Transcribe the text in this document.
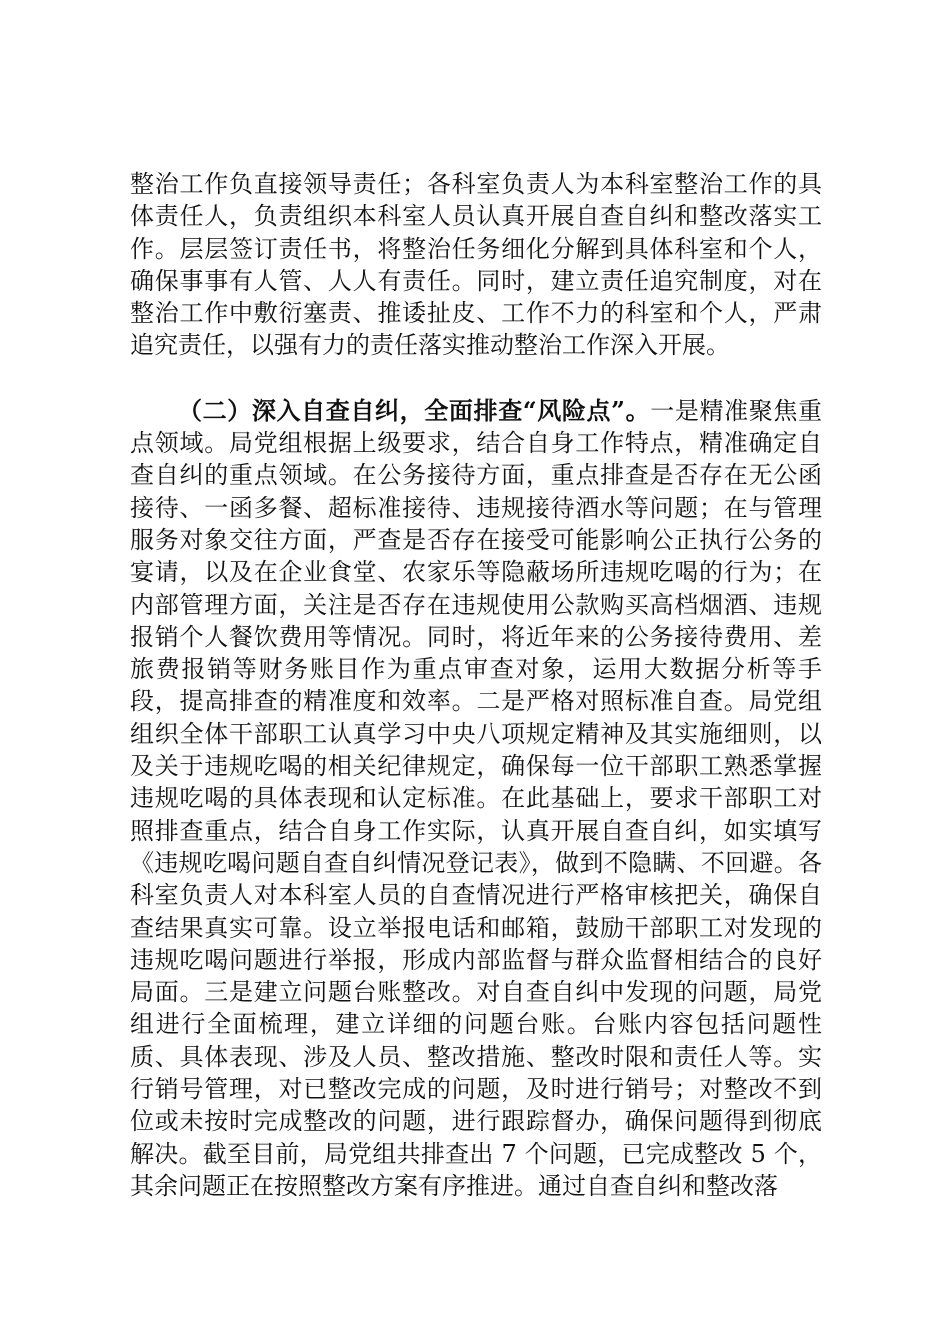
整治工作负直接领导责任；各科室负责人为本科室整治工作的具体责任人，负责组织本科室人员认真开展自查自纠和整改落实工作。层层签订责任书，将整治任务细化分解到具体科室和个人，确保事事有人管、人人有责任。同时，建立责任追究制度，对在整治工作中敷衍塞责、推诿扯皮、工作不力的科室和个人，严肃追究责任，以强有力的责任落实推动整治工作深入开展。

（二）深入自查自纠，全面排查“风险点”。一是精准聚焦重点领域。局党组根据上级要求，结合自身工作特点，精准确定自查自纠的重点领域。在公务接待方面，重点排查是否存在无公函接待、一函多餐、超标准接待、违规接待酒水等问题；在与管理服务对象交往方面，严查是否存在接受可能影响公正执行公务的宴请，以及在企业食堂、农家乐等隐蔽场所违规吃喝的行为；在内部管理方面，关注是否存在违规使用公款购买高档烟酒、违规报销个人餐饮费用等情况。同时，将近年来的公务接待费用、差旅费报销等财务账目作为重点审查对象，运用大数据分析等手段，提高排查的精准度和效率。二是严格对照标准自查。局党组组织全体干部职工认真学习中央八项规定精神及其实施细则，以及关于违规吃喝的相关纪律规定，确保每一位干部职工熟悉掌握违规吃喝的具体表现和认定标准。在此基础上，要求干部职工对照排查重点，结合自身工作实际，认真开展自查自纠，如实填写《违规吃喝问题自查自纠情况登记表》，做到不隐瞒、不回避。各科室负责人对本科室人员的自查情况进行严格审核把关，确保自查结果真实可靠。设立举报电话和邮箱，鼓励干部职工对发现的违规吃喝问题进行举报，形成内部监督与群众监督相结合的良好局面。三是建立问题台账整改。对自查自纠中发现的问题，局党组进行全面梳理，建立详细的问题台账。台账内容包括问题性质、具体表现、涉及人员、整改措施、整改时限和责任人等。实行销号管理，对已整改完成的问题，及时进行销号；对整改不到位或未按时完成整改的问题，进行跟踪督办，确保问题得到彻底解决。截至目前，局党组共排查出 7 个问题，已完成整改 5 个，其余问题正在按照整改方案有序推进。通过自查自纠和整改落
